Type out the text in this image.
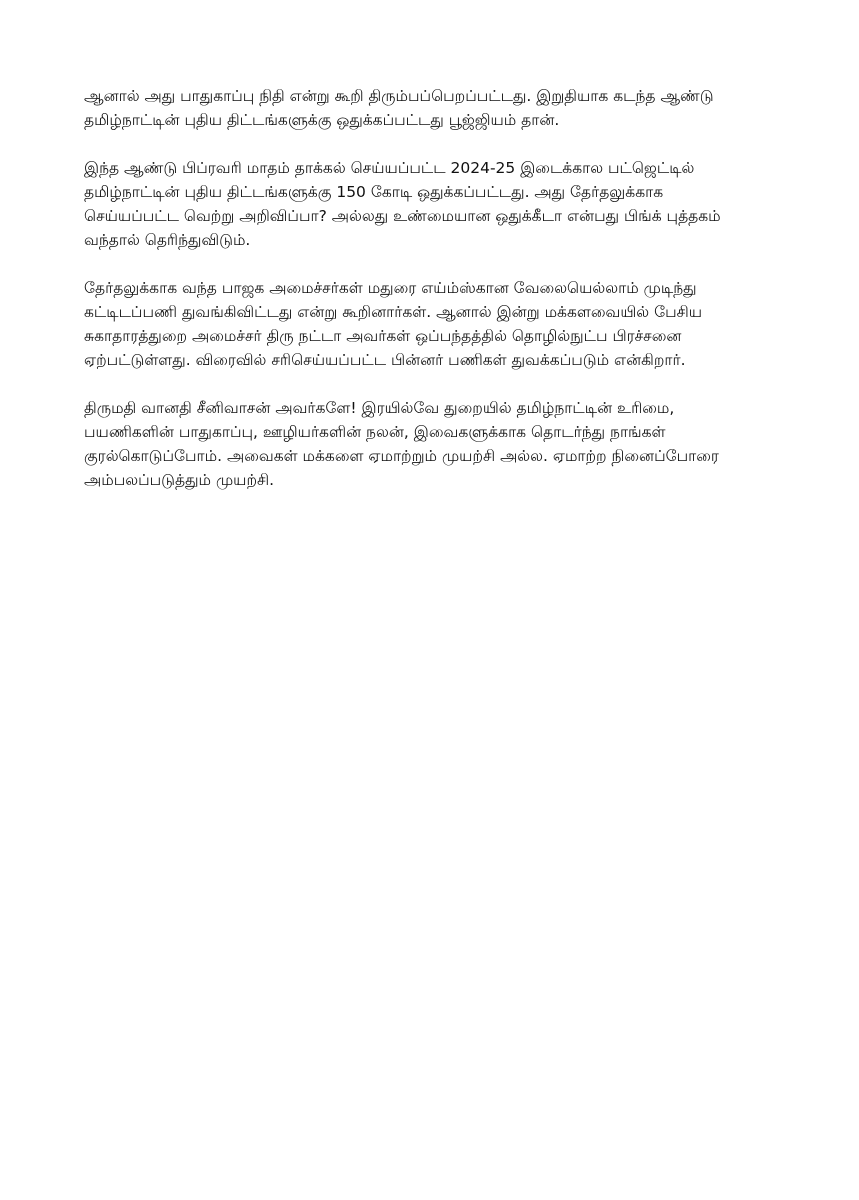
ஆனால் அது பாதுகாப்பு நிதி என்று கூறி திரும்பப்பெறப்பட்டது. இறுதியாக கடந்த ஆண்டு
தமிழ்நாட்டின் புதிய திட்டங்களுக்கு ஒதுக்கப்பட்டது பூஜ்ஜியம் தான்.

இந்த ஆண்டு பிப்ரவரி மாதம் தாக்கல் செய்யப்பட்ட 2024-25 இடைக்கால பட்ஜெட்டில்
தமிழ்நாட்டின் புதிய திட்டங்களுக்கு 150 கோடி ஒதுக்கப்பட்டது. அது தேர்தலுக்காக
செய்யப்பட்ட வெற்று அறிவிப்பா? அல்லது உண்மையான ஒதுக்கீடா என்பது பிங்க் புத்தகம்
வந்தால் தெரிந்துவிடும்.

தேர்தலுக்காக வந்த பாஜக அமைச்சர்கள் மதுரை எய்ம்ஸ்கான வேலையெல்லாம் முடிந்து
கட்டிடப்பணி துவங்கிவிட்டது என்று கூறினார்கள். ஆனால் இன்று மக்களவையில் பேசிய
சுகாதாரத்துறை அமைச்சர் திரு நட்டா அவர்கள் ஒப்பந்தத்தில் தொழில்நுட்ப பிரச்சனை
ஏற்பட்டுள்ளது. விரைவில் சரிசெய்யப்பட்ட பின்னர் பணிகள் துவக்கப்படும் என்கிறார்.

திருமதி வானதி சீனிவாசன் அவர்களே! இரயில்வே துறையில் தமிழ்நாட்டின் உரிமை,
பயணிகளின் பாதுகாப்பு, ஊழியர்களின் நலன், இவைகளுக்காக தொடர்ந்து நாங்கள்
குரல்கொடுப்போம். அவைகள் மக்களை ஏமாற்றும் முயற்சி அல்ல. ஏமாற்ற நினைப்போரை
அம்பலப்படுத்தும் முயற்சி.
